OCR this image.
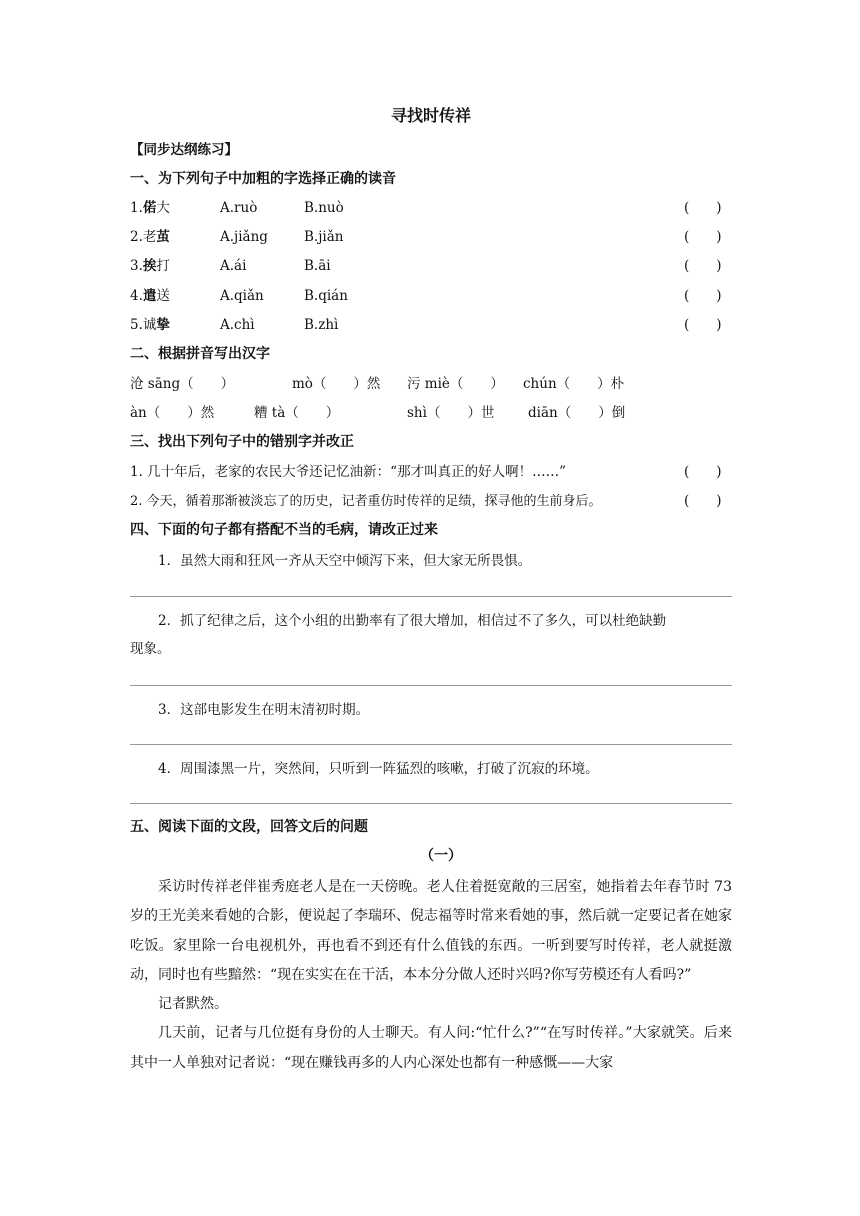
寻找时传祥
【同步达纲练习】
一、为下列句子中加粗的字选择正确的读音
1.偌大	A.ruò	B.nuò	(　　)
2.老茧	A.jiǎng	B.jiǎn	(　　)
3.挨打	A.ái	B.āi	(　　)
4.遣送	A.qiǎn	B.qián	(　　)
5.诚挚	A.chì	B.zhì	(　　)
二、根据拼音写出汉字
沧 sāng（　　）	mò（　　）然 污 miè（　　） chún（　　）朴
àn（　　）然	糟 tà（　　）	shì（　　）世 diān（　　）倒
三、找出下列句子中的错别字并改正
1. 几十年后，老家的农民大爷还记忆油新：“那才叫真正的好人啊！……”	(　　)
2. 今天，循着那渐被淡忘了的历史，记者重仿时传祥的足绩，探寻他的生前身后。	(　　)
四、下面的句子都有搭配不当的毛病，请改正过来
1．虽然大雨和狂风一齐从天空中倾泻下来，但大家无所畏惧。
2．抓了纪律之后，这个小组的出勤率有了很大增加，相信过不了多久，可以杜绝缺勤
现象。
3．这部电影发生在明末清初时期。
4．周围漆黑一片，突然间，只听到一阵猛烈的咳嗽，打破了沉寂的环境。
五、阅读下面的文段，回答文后的问题
（一）

采访时传祥老伴崔秀庭老人是在一天傍晚。老人住着挺宽敞的三居室，她指着去年春节时 73 岁的王光美来看她的合影，便说起了李瑞环、倪志福等时常来看她的事，然后就一定要记者在她家吃饭。家里除一台电视机外，再也看不到还有什么值钱的东西。一听到要写时传祥，老人就挺激动，同时也有些黯然：“现在实实在在干活，本本分分做人还时兴吗?你写劳模还有人看吗?”

记者默然。

几天前，记者与几位挺有身份的人士聊天。有人问:“忙什么?”“在写时传祥。”大家就笑。后来其中一人单独对记者说：“现在赚钱再多的人内心深处也都有一种感慨——大家
